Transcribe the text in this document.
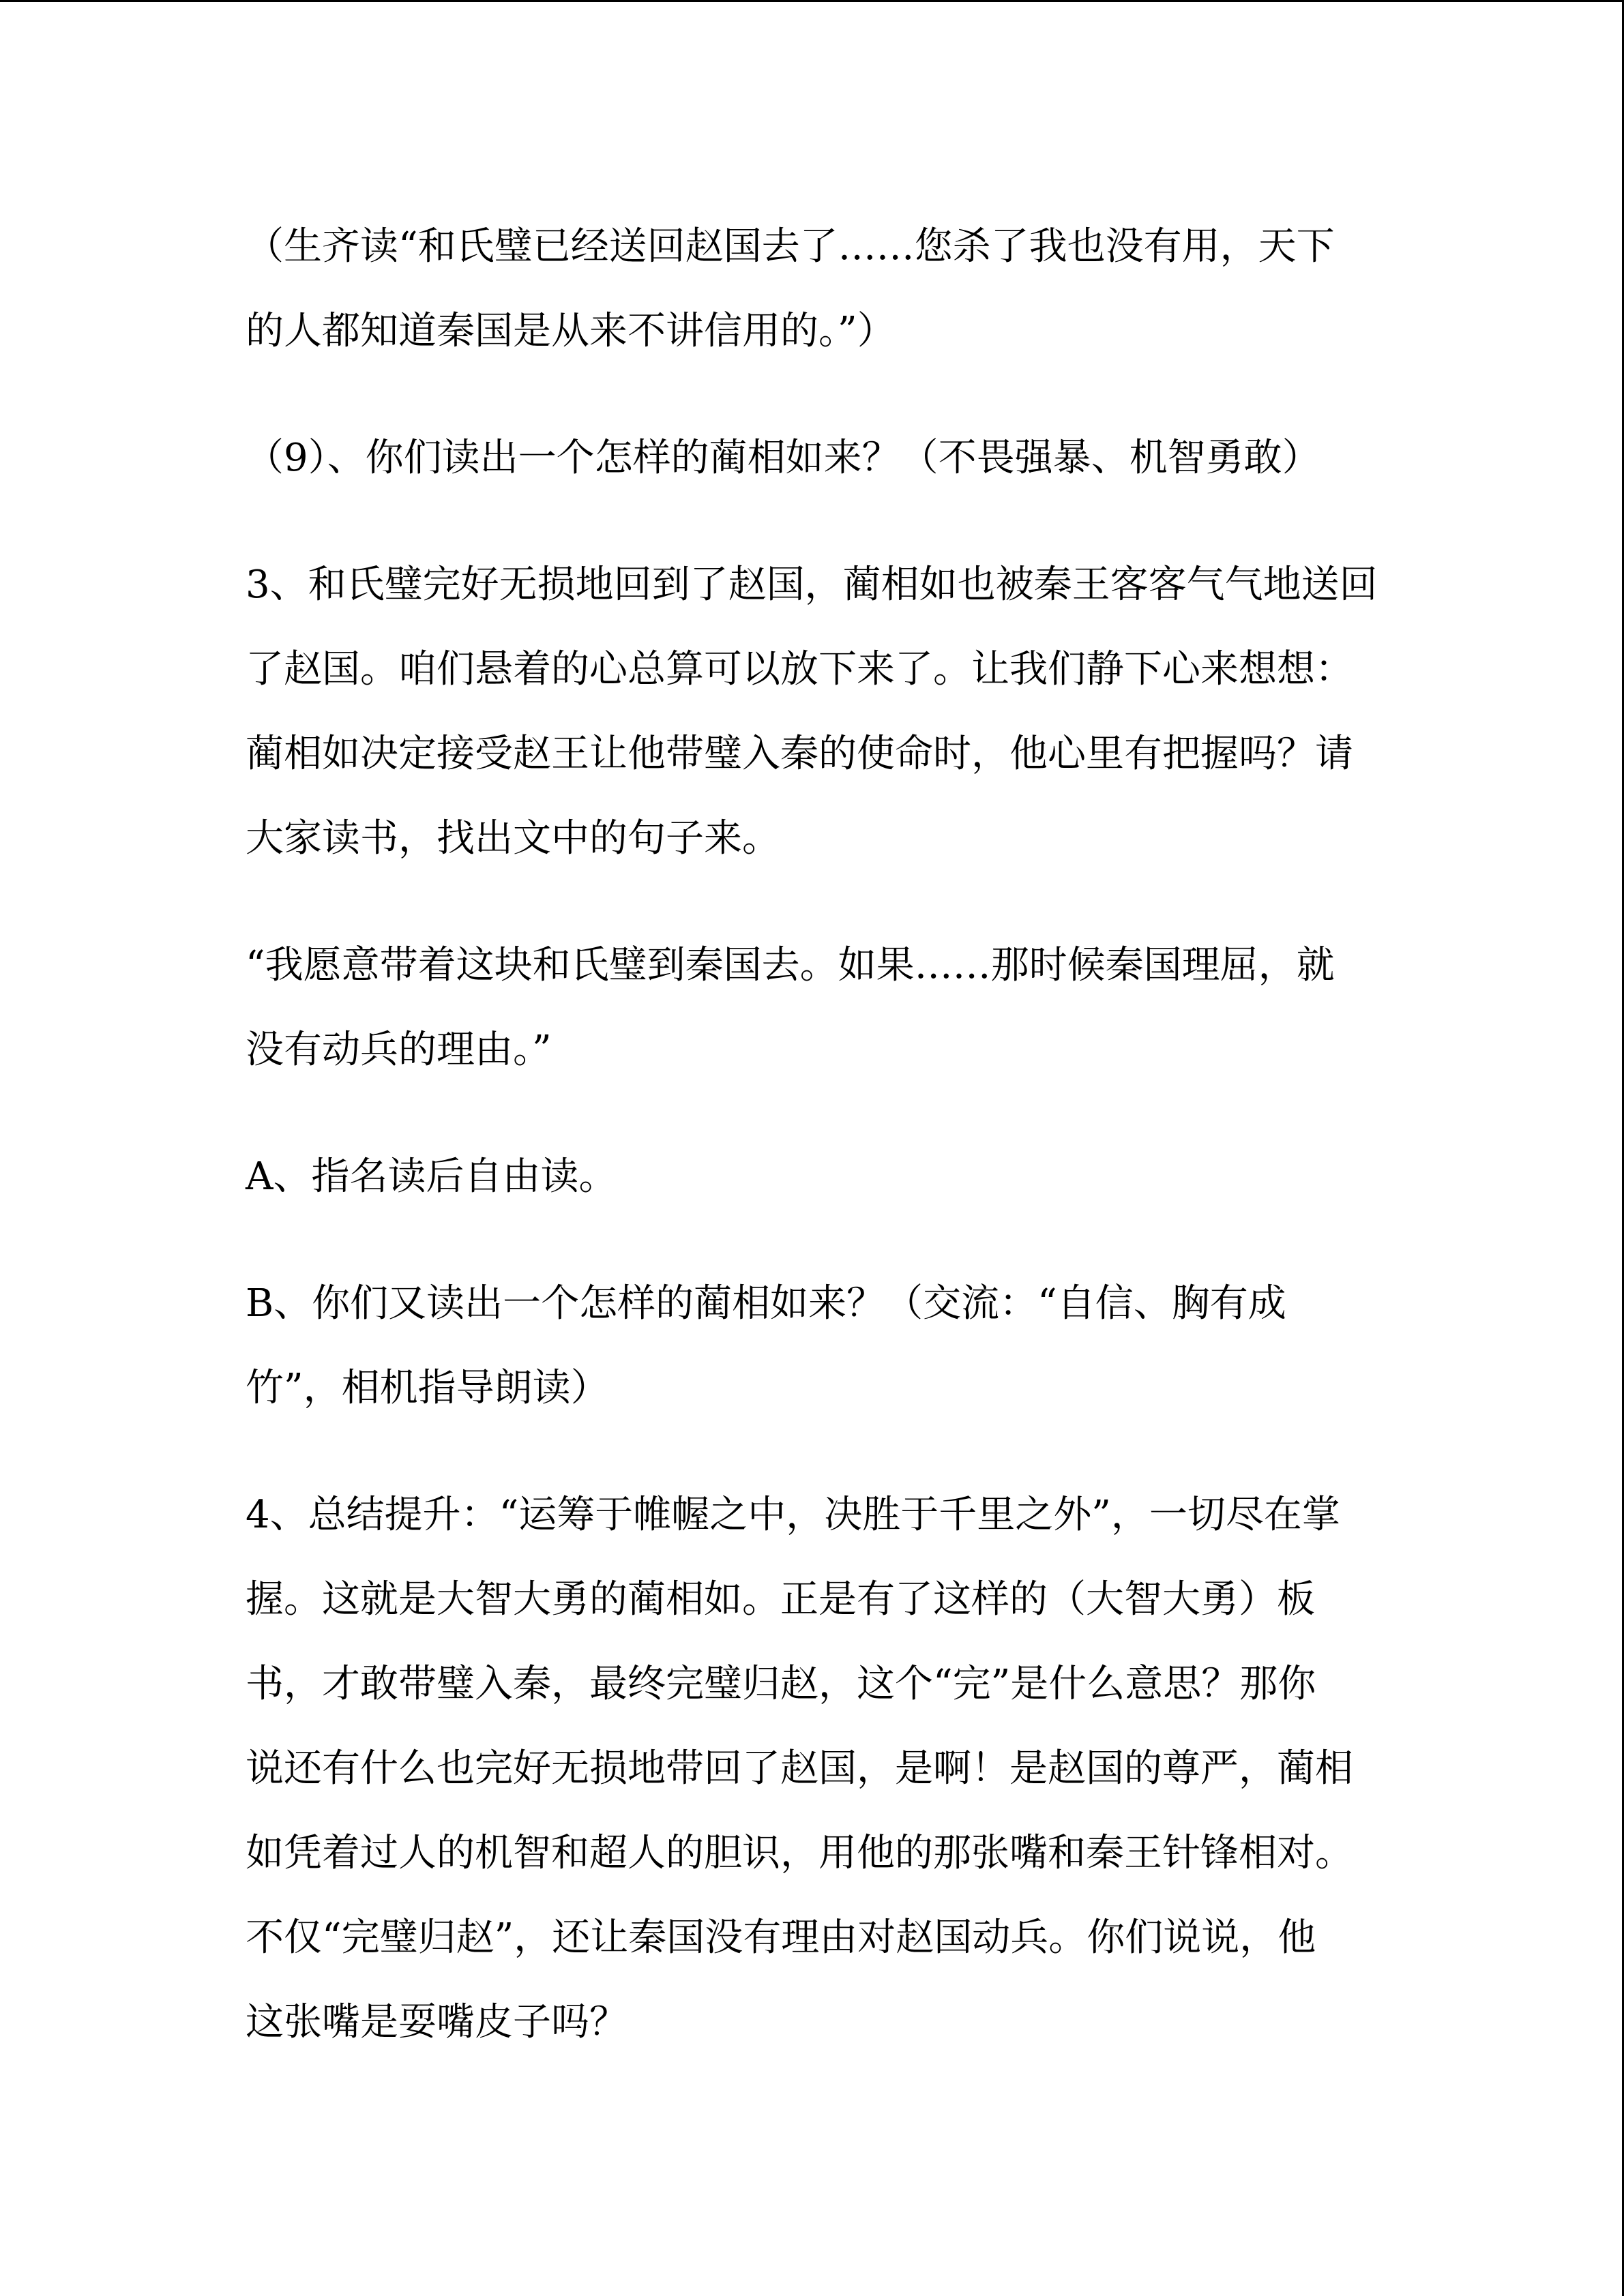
（生齐读“和氏璧已经送回赵国去了……您杀了我也没有用，天下
的人都知道秦国是从来不讲信用的。”）
（9）、你们读出一个怎样的蔺相如来？（不畏强暴、机智勇敢）
3、和氏璧完好无损地回到了赵国，蔺相如也被秦王客客气气地送回
了赵国。咱们悬着的心总算可以放下来了。让我们静下心来想想：
蔺相如决定接受赵王让他带璧入秦的使命时，他心里有把握吗？请
大家读书，找出文中的句子来。
“我愿意带着这块和氏璧到秦国去。如果……那时候秦国理屈，就
没有动兵的理由。”
A、指名读后自由读。
B、你们又读出一个怎样的蔺相如来？（交流：“自信、胸有成
竹”，相机指导朗读）
4、总结提升：“运筹于帷幄之中，决胜于千里之外”，一切尽在掌
握。这就是大智大勇的蔺相如。正是有了这样的（大智大勇）板
书，才敢带璧入秦，最终完璧归赵，这个“完”是什么意思？那你
说还有什么也完好无损地带回了赵国，是啊！是赵国的尊严，蔺相
如凭着过人的机智和超人的胆识，用他的那张嘴和秦王针锋相对。
不仅“完璧归赵”，还让秦国没有理由对赵国动兵。你们说说，他
这张嘴是耍嘴皮子吗？
